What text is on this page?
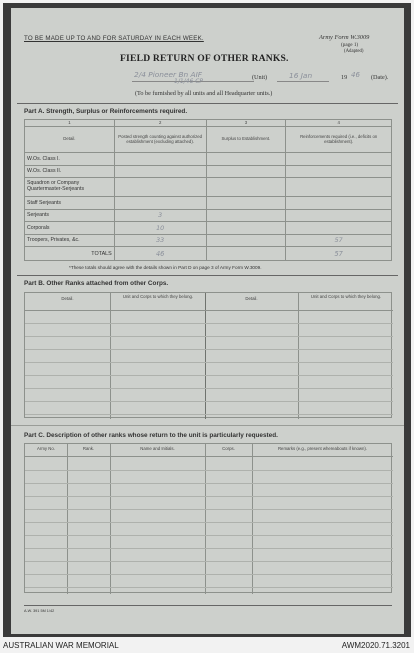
TO BE MADE UP TO AND FOR SATURDAY IN EACH WEEK.	Army Form W.3009
(page 1)
(Adapted)
FIELD RETURN OF OTHER RANKS.
2/4 Pioneer Bn AIF
1/1/46 CP
(Unit)	16 Jan	19 46 (Date).
(To be furnished by all units and all Headquarter units.)
Part A. Strength, Surplus or Reinforcements required.
1	2	3	4
Detail.	Posted strength counting against authorized establishment (excluding attached).	Surplus to Establishment.	Reinforcements required (i.e., deficits on establishment).
W.Os. Class I.			
W.Os. Class II.			
Squadron or Company Quartermaster-Serjeants			
Staff Serjeants			
Serjeants	3		
Corporals	10		
Troopers, Privates, &c.	33		57
TOTALS	46		57
*These totals should agree with the details shown in Part D on page 3 of Army Form W.3009.
Part B. Other Ranks attached from other Corps.
Detail.	Unit and Corps to which they belong.	Detail.	Unit and Corps to which they belong.
Part C. Description of other ranks whose return to the unit is particularly requested.
Army No.	Rank.	Name and Initials.	Corps.	Remarks (e.g., present whereabouts if known).
A.W. 391 5M 1/42
AUSTRALIAN WAR MEMORIAL	AWM2020.71.3201
